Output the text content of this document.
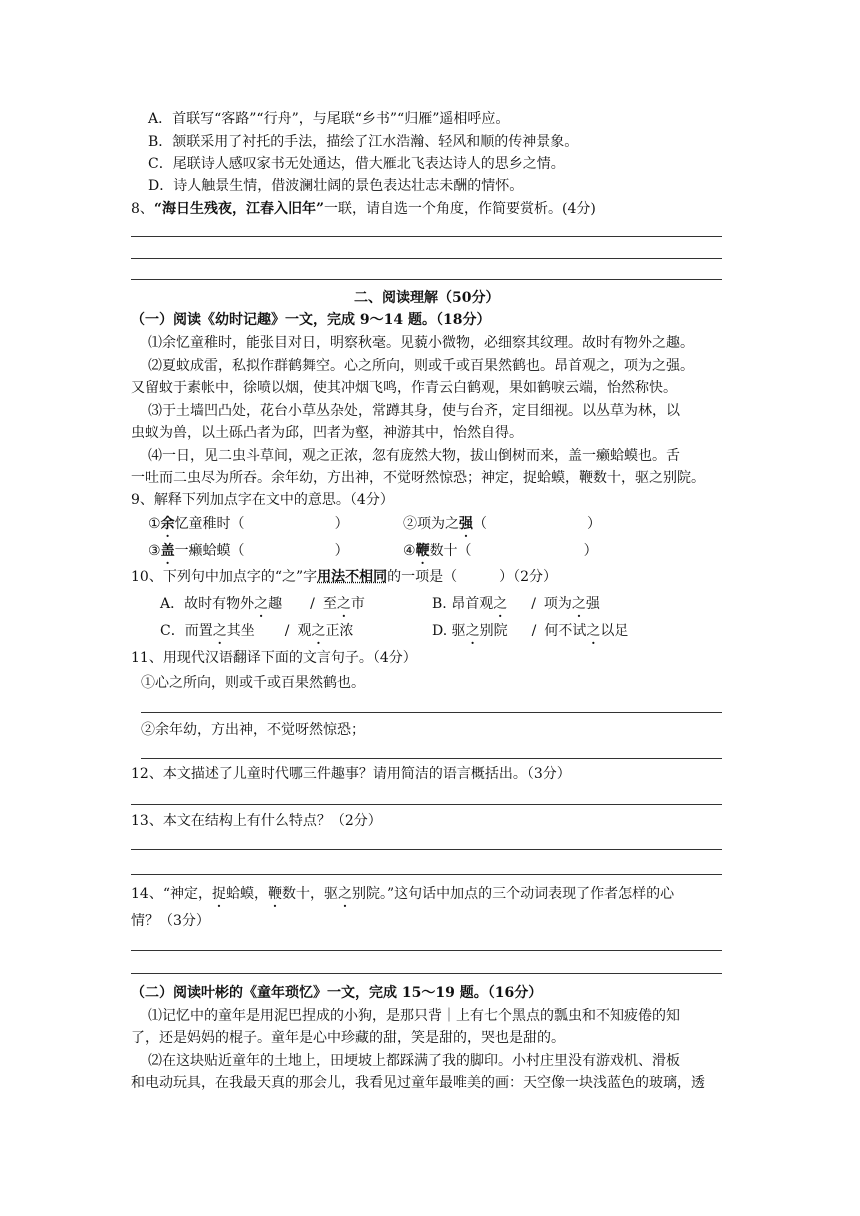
A．首联写“客路”“行舟”，与尾联“乡书”“归雁”遥相呼应。
B．颔联采用了衬托的手法，描绘了江水浩瀚、轻风和顺的传神景象。
C．尾联诗人感叹家书无处通达，借大雁北飞表达诗人的思乡之情。
D．诗人触景生情，借波澜壮阔的景色表达壮志未酬的情怀。
8、“海日生残夜，江春入旧年”一联，请自选一个角度，作简要赏析。(4分)
二、阅读理解（50分）
（一）阅读《幼时记趣》一文，完成 9～14 题。（18分）
⑴余忆童稚时，能张目对日，明察秋毫。见藐小微物，必细察其纹理。故时有物外之趣。
⑵夏蚊成雷，私拟作群鹤舞空。心之所向，则或千或百果然鹤也。昂首观之，项为之强。
又留蚊于素帐中，徐喷以烟，使其冲烟飞鸣，作青云白鹤观，果如鹤唳云端，怡然称快。
⑶于土墙凹凸处，花台小草丛杂处，常蹲其身，使与台齐，定目细视。以丛草为林，以
虫蚁为兽，以土砾凸者为邱，凹者为壑，神游其中，怡然自得。
⑷一日，见二虫斗草间，观之正浓，忽有庞然大物，拔山倒树而来，盖一癞蛤蟆也。舌
一吐而二虫尽为所吞。余年幼，方出神，不觉呀然惊恐；神定，捉蛤蟆，鞭数十，驱之别院。
9、解释下列加点字在文中的意思。（4分）
①余忆童稚时（	）	②项为之强（	）
③盖一癞蛤蟆（	）	④鞭数十（	）
10、下列句中加点字的“之”字用法不相同的一项是（　　　）（2分）
A．故时有物外之趣 / 至之市	B. 昂首观之 / 项为之强
C．而置之其坐 / 观之正浓	D. 驱之别院 / 何不试之以足
11、用现代汉语翻译下面的文言句子。（4分）
①心之所向，则或千或百果然鹤也。
②余年幼，方出神，不觉呀然惊恐；
12、本文描述了儿童时代哪三件趣事？请用简洁的语言概括出。（3分）
13、本文在结构上有什么特点？（2分）
14、“神定，捉蛤蟆，鞭数十，驱之别院。”这句话中加点的三个动词表现了作者怎样的心
情？（3分）
（二）阅读叶彬的《童年琐忆》一文，完成 15～19 题。（16分）
⑴记忆中的童年是用泥巴捏成的小狗，是那只背｜上有七个黑点的瓢虫和不知疲倦的知
了，还是妈妈的棍子。童年是心中珍藏的甜，笑是甜的，哭也是甜的。
⑵在这块贴近童年的土地上，田埂坡上都踩满了我的脚印。小村庄里没有游戏机、滑板
和电动玩具，在我最天真的那会儿，我看见过童年最唯美的画：天空像一块浅蓝色的玻璃，透
